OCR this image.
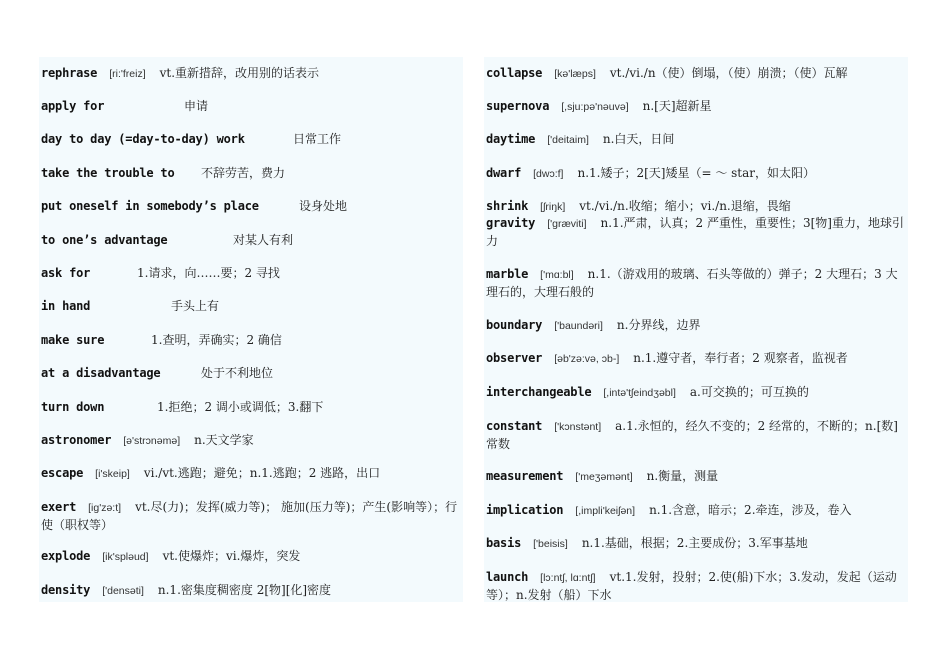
rephrase [ri:'freiz] vt.重新措辞，改用别的话表示
apply for	申请
day to day (=day-to-day) work	日常工作
take the trouble to 不辞劳苦，费力
put oneself in somebody’s place	设身处地
to one’s advantage	对某人有利
ask for	1.请求，向……要；2 寻找
in hand	手头上有
make sure	1.查明，弄确实；2 确信
at a disadvantage	处于不利地位
turn down	1.拒绝；2 调小或调低；3.翻下
astronomer [ə'strɔnəmə] n.天文学家
escape [i'skeip] vi./vt.逃跑；避免；n.1.逃跑；2 逃路，出口
exert [ig'zə:t] vt.尽(力)；发挥(威力等)； 施加(压力等)；产生(影响等）；行使（职权等）
explode [ik'spləud] vt.使爆炸；vi.爆炸，突发
density ['densəti] n.1.密集度稠密度 2[物][化]密度
collapse [kə'læps] vt./vi./n（使）倒塌，（使）崩溃；（使）瓦解
supernova [,sju:pə'nəuvə] n.[天]超新星
daytime ['deitaim] n.白天，日间
dwarf [dwɔ:f] n.1.矮子；2[天]矮星（= ～ star，如太阳）
shrink [ʃriŋk] vt./vi./n.收缩；缩小；vi./n.退缩，畏缩
gravity ['græviti] n.1.严肃，认真；2 严重性，重要性；3[物]重力，地球引力
marble ['mɑ:bl] n.1.（游戏用的玻璃、石头等做的）弹子；2 大理石；3 大理石的，大理石般的
boundary ['baundəri] n.分界线，边界
observer [əb'zə:və, ɔb-] n.1.遵守者，奉行者；2 观察者，监视者
interchangeable [,intə'tʃeindʒəbl] a.可交换的；可互换的
constant ['kɔnstənt] a.1.永恒的，经久不变的；2 经常的，不断的；n.[数] 常数
measurement ['meʒəmənt] n.衡量，测量
implication [,impli'keiʃən] n.1.含意，暗示；2.牵连，涉及，卷入
basis ['beisis] n.1.基础，根据；2.主要成份；3.军事基地
launch [lɔ:ntʃ, lɑ:ntʃ] vt.1.发射，投射；2.使(船)下水；3.发动，发起（运动等）；n.发射（船）下水
